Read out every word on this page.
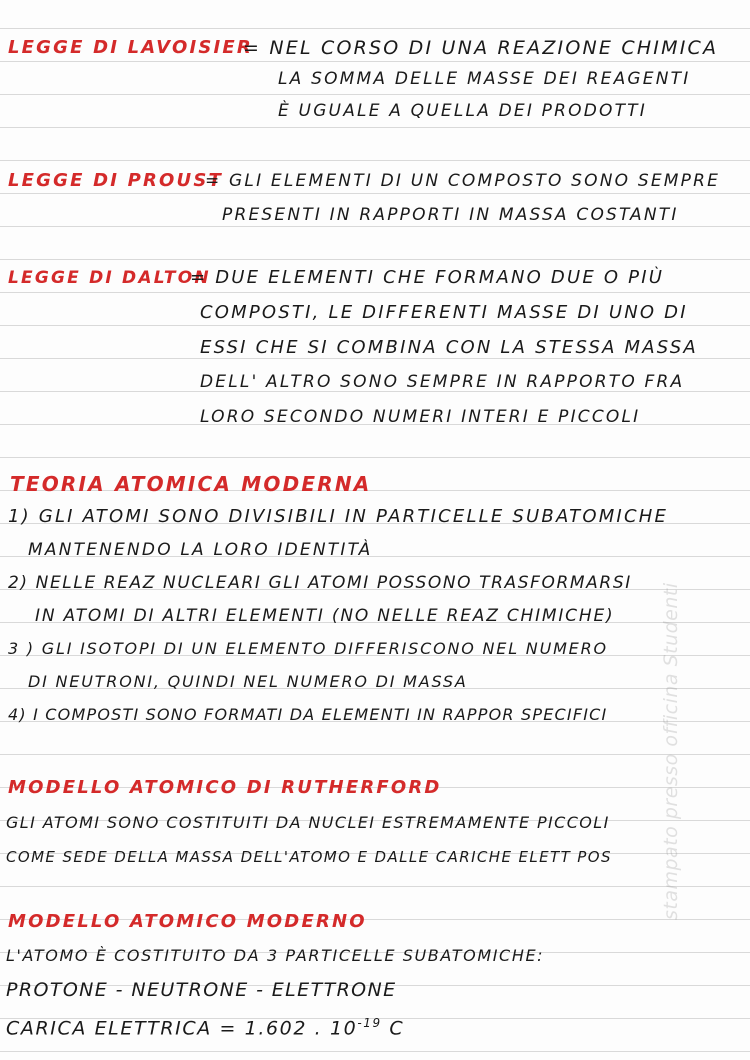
LEGGE DI LAVOISIER
= NEL CORSO DI UNA REAZIONE CHIMICA
LA SOMMA DELLE MASSE DEI REAGENTI
È UGUALE A QUELLA DEI PRODOTTI
LEGGE DI PROUST
= GLI ELEMENTI DI UN COMPOSTO SONO SEMPRE
PRESENTI IN RAPPORTI IN MASSA COSTANTI
LEGGE DI DALTON
= DUE ELEMENTI CHE FORMANO DUE O PIÙ
COMPOSTI, LE DIFFERENTI MASSE DI UNO DI
ESSI CHE SI COMBINA CON LA STESSA MASSA
DELL' ALTRO SONO SEMPRE IN RAPPORTO FRA
LORO SECONDO NUMERI INTERI E PICCOLI
TEORIA ATOMICA MODERNA
1) GLI ATOMI SONO DIVISIBILI IN PARTICELLE SUBATOMICHE
MANTENENDO LA LORO IDENTITÀ
2) NELLE REAZ NUCLEARI GLI ATOMI POSSONO TRASFORMARSI
IN ATOMI DI ALTRI ELEMENTI (NO NELLE REAZ CHIMICHE)
3 ) GLI ISOTOPI DI UN ELEMENTO DIFFERISCONO NEL NUMERO
DI NEUTRONI, QUINDI NEL NUMERO DI MASSA
4) I COMPOSTI SONO FORMATI DA ELEMENTI IN RAPPOR SPECIFICI
MODELLO ATOMICO DI RUTHERFORD
GLI ATOMI SONO COSTITUITI DA NUCLEI ESTREMAMENTE PICCOLI
COME SEDE DELLA MASSA DELL'ATOMO E DALLE CARICHE ELETT POS
MODELLO ATOMICO MODERNO
L'ATOMO È COSTITUITO DA 3 PARTICELLE SUBATOMICHE:
PROTONE - NEUTRONE - ELETTRONE
CARICA ELETTRICA = 1.602 . $10^{-19}$ C
stampato presso officina Studenti
